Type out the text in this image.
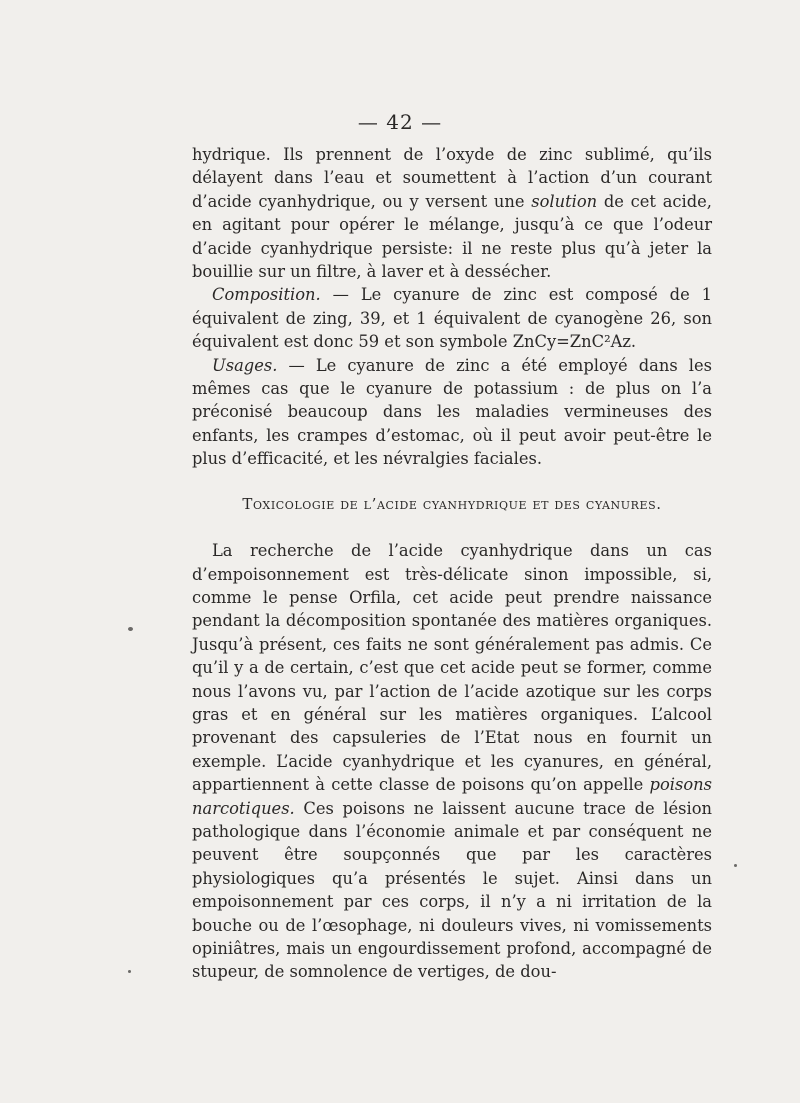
— 42 —

hydrique. Ils prennent de l’oxyde de zinc sublimé, qu’ils délayent dans l’eau et soumettent à l’action d’un courant d’acide cyanhydrique, ou y versent une solution de cet acide, en agitant pour opérer le mélange, jusqu’à ce que l’odeur d’acide cyanhydrique persiste: il ne reste plus qu’à jeter la bouillie sur un filtre, à laver et à dessécher.

Composition. — Le cyanure de zinc est composé de 1 équivalent de zing, 39, et 1 équivalent de cyanogène 26, son équivalent est donc 59 et son symbole ZnCy=ZnC²Az.

Usages. — Le cyanure de zinc a été employé dans les mêmes cas que le cyanure de potassium : de plus on l’a préconisé beaucoup dans les maladies vermineuses des enfants, les crampes d’estomac, où il peut avoir peut-être le plus d’efficacité, et les névralgies faciales.

Toxicologie de l’acide cyanhydrique et des cyanures.

La recherche de l’acide cyanhydrique dans un cas d’empoisonnement est très-délicate sinon impossible, si, comme le pense Orfila, cet acide peut prendre naissance pendant la décomposition spontanée des matières organiques. Jusqu’à présent, ces faits ne sont généralement pas admis. Ce qu’il y a de certain, c’est que cet acide peut se former, comme nous l’avons vu, par l’action de l’acide azotique sur les corps gras et en général sur les matières organiques. L’alcool provenant des capsuleries de l’Etat nous en fournit un exemple. L’acide cyanhydrique et les cyanures, en général, appartiennent à cette classe de poisons qu’on appelle poisons narcotiques. Ces poisons ne laissent aucune trace de lésion pathologique dans l’économie animale et par conséquent ne peuvent être soupçonnés que par les caractères physiologiques qu’a présentés le sujet. Ainsi dans un empoisonnement par ces corps, il n’y a ni irritation de la bouche ou de l’œsophage, ni douleurs vives, ni vomissements opiniâtres, mais un engourdissement profond, accompagné de stupeur, de somnolence de vertiges, de dou-
